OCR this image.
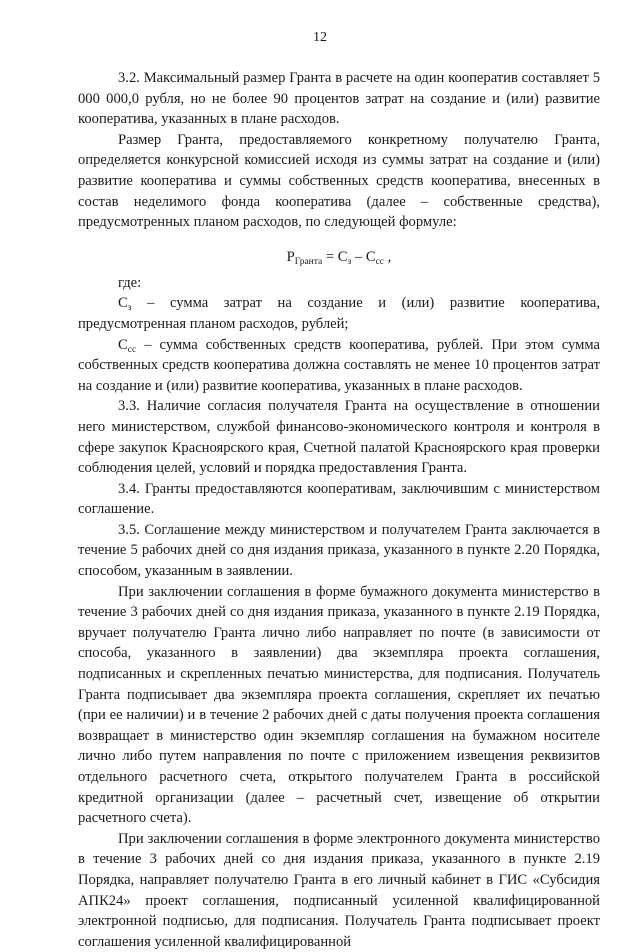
12

3.2. Максимальный размер Гранта в расчете на один кооператив составляет 5 000 000,0 рубля, но не более 90 процентов затрат на создание и (или) развитие кооператива, указанных в плане расходов.

Размер Гранта, предоставляемого конкретному получателю Гранта, определяется конкурсной комиссией исходя из суммы затрат на создание и (или) развитие кооператива и суммы собственных средств кооператива, внесенных в состав неделимого фонда кооператива (далее – собственные средства), предусмотренных планом расходов, по следующей формуле:

$Р_{Гранта} = С_з - С_{сс}$ ,

где:

$С_з$ – сумма затрат на создание и (или) развитие кооператива, предусмотренная планом расходов, рублей;

$С_{сс}$ – сумма собственных средств кооператива, рублей. При этом сумма собственных средств кооператива должна составлять не менее 10 процентов затрат на создание и (или) развитие кооператива, указанных в плане расходов.

3.3. Наличие согласия получателя Гранта на осуществление в отношении него министерством, службой финансово-экономического контроля и контроля в сфере закупок Красноярского края, Счетной палатой Красноярского края проверки соблюдения целей, условий и порядка предоставления Гранта.

3.4. Гранты предоставляются кооперативам, заключившим с министерством соглашение.

3.5. Соглашение между министерством и получателем Гранта заключается в течение 5 рабочих дней со дня издания приказа, указанного в пункте 2.20 Порядка, способом, указанным в заявлении.

При заключении соглашения в форме бумажного документа министерство в течение 3 рабочих дней со дня издания приказа, указанного в пункте 2.19 Порядка, вручает получателю Гранта лично либо направляет по почте (в зависимости от способа, указанного в заявлении) два экземпляра проекта соглашения, подписанных и скрепленных печатью министерства, для подписания. Получатель Гранта подписывает два экземпляра проекта соглашения, скрепляет их печатью (при ее наличии) и в течение 2 рабочих дней с даты получения проекта соглашения возвращает в министерство один экземпляр соглашения на бумажном носителе лично либо путем направления по почте с приложением извещения реквизитов отдельного расчетного счета, открытого получателем Гранта в российской кредитной организации (далее – расчетный счет, извещение об открытии расчетного счета).

При заключении соглашения в форме электронного документа министерство в течение 3 рабочих дней со дня издания приказа, указанного в пункте 2.19 Порядка, направляет получателю Гранта в его личный кабинет в ГИС «Субсидия АПК24» проект соглашения, подписанный усиленной квалифицированной электронной подписью, для подписания. Получатель Гранта подписывает проект соглашения усиленной квалифицированной
